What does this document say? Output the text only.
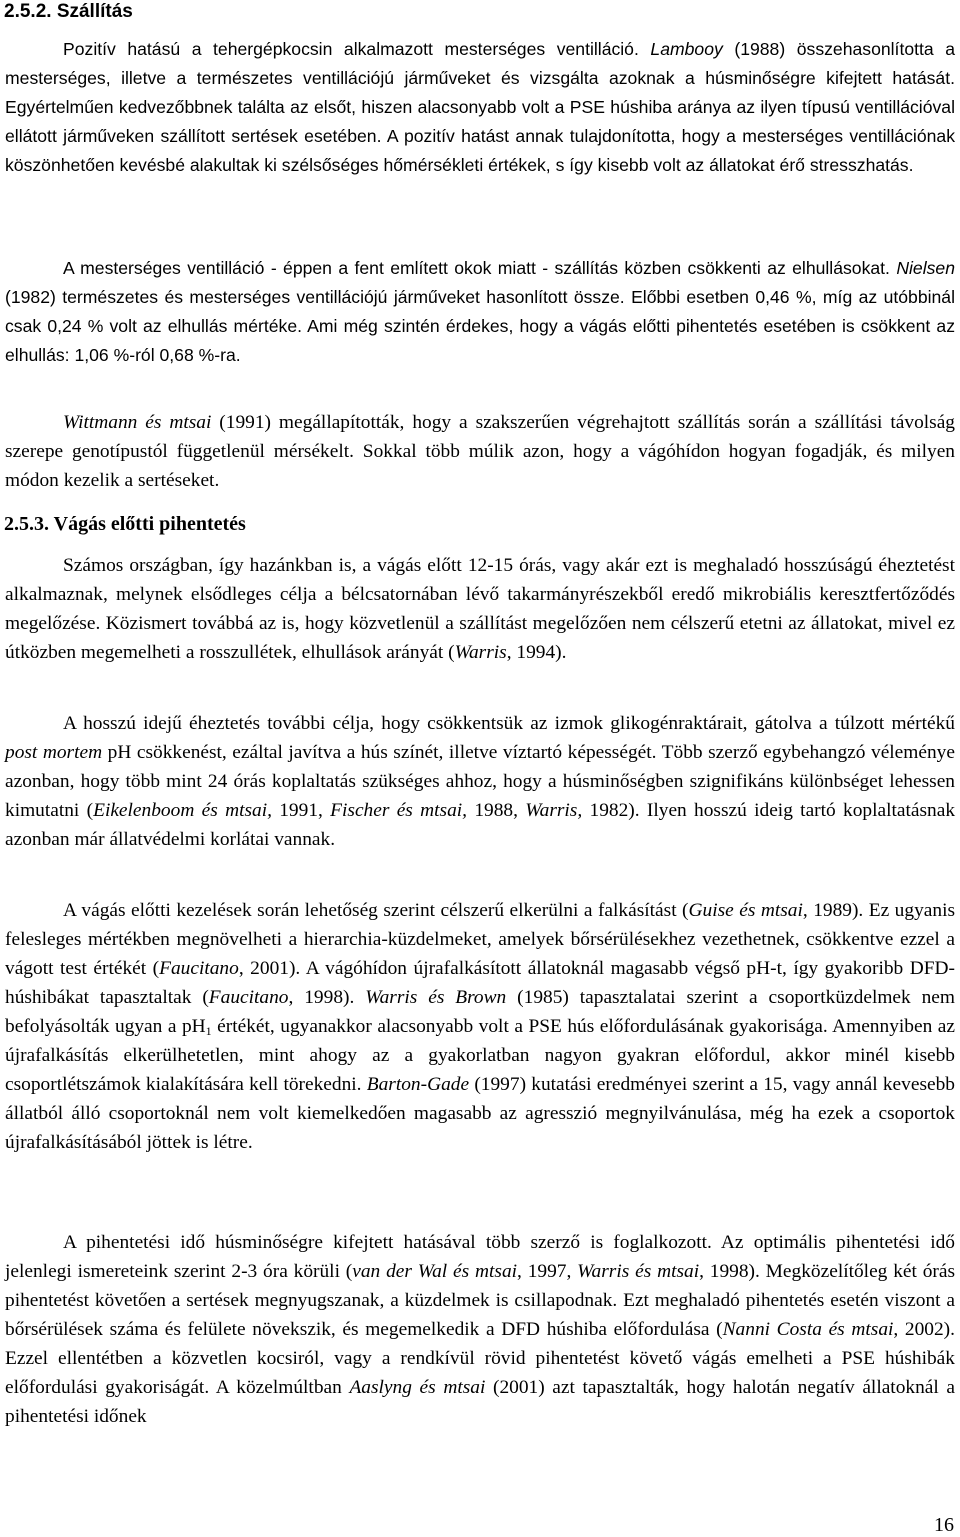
2.5.2. Szállítás

Pozitív hatású a tehergépkocsin alkalmazott mesterséges ventilláció. Lambooy (1988) összehasonlította a mesterséges, illetve a természetes ventillációjú járműveket és vizsgálta azoknak a húsminőségre kifejtett hatását. Egyértelműen kedvezőbbnek találta az elsőt, hiszen alacsonyabb volt a PSE húshiba aránya az ilyen típusú ventillációval ellátott járműveken szállított sertések esetében. A pozitív hatást annak tulajdonította, hogy a mesterséges ventillációnak köszönhetően kevésbé alakultak ki szélsőséges hőmérsékleti értékek, s így kisebb volt az állatokat érő stresszhatás.

A mesterséges ventilláció - éppen a fent említett okok miatt - szállítás közben csökkenti az elhullásokat. Nielsen (1982) természetes és mesterséges ventillációjú járműveket hasonlított össze. Előbbi esetben 0,46 %, míg az utóbbinál csak 0,24 % volt az elhullás mértéke. Ami még szintén érdekes, hogy a vágás előtti pihentetés esetében is csökkent az elhullás: 1,06 %-ról 0,68 %-ra.

Wittmann és mtsai (1991) megállapították, hogy a szakszerűen végrehajtott szállítás során a szállítási távolság szerepe genotípustól függetlenül mérsékelt. Sokkal több múlik azon, hogy a vágóhídon hogyan fogadják, és milyen módon kezelik a sertéseket.

2.5.3. Vágás előtti pihentetés

Számos országban, így hazánkban is, a vágás előtt 12-15 órás, vagy akár ezt is meghaladó hosszúságú éheztetést alkalmaznak, melynek elsődleges célja a bélcsatornában lévő takarmányrészekből eredő mikrobiális keresztfertőződés megelőzése. Közismert továbbá az is, hogy közvetlenül a szállítást megelőzően nem célszerű etetni az állatokat, mivel ez útközben megemelheti a rosszullétek, elhullások arányát (Warris, 1994).

A hosszú idejű éheztetés további célja, hogy csökkentsük az izmok glikogénraktárait, gátolva a túlzott mértékű post mortem pH csökkenést, ezáltal javítva a hús színét, illetve víztartó képességét. Több szerző egybehangzó véleménye azonban, hogy több mint 24 órás koplaltatás szükséges ahhoz, hogy a húsminőségben szignifikáns különbséget lehessen kimutatni (Eikelenboom és mtsai, 1991, Fischer és mtsai, 1988, Warris, 1982). Ilyen hosszú ideig tartó koplaltatásnak azonban már állatvédelmi korlátai vannak.

A vágás előtti kezelések során lehetőség szerint célszerű elkerülni a falkásítást (Guise és mtsai, 1989). Ez ugyanis felesleges mértékben megnövelheti a hierarchia-küzdelmeket, amelyek bőrsérülésekhez vezethetnek, csökkentve ezzel a vágott test értékét (Faucitano, 2001). A vágóhídon újrafalkásított állatoknál magasabb végső pH-t, így gyakoribb DFD-húshibákat tapasztaltak (Faucitano, 1998). Warris és Brown (1985) tapasztalatai szerint a csoportküzdelmek nem befolyásolták ugyan a $pH_1$ értékét, ugyanakkor alacsonyabb volt a PSE hús előfordulásának gyakorisága. Amennyiben az újrafalkásítás elkerülhetetlen, mint ahogy az a gyakorlatban nagyon gyakran előfordul, akkor minél kisebb csoportlétszámok kialakítására kell törekedni. Barton-Gade (1997) kutatási eredményei szerint a 15, vagy annál kevesebb állatból álló csoportoknál nem volt kiemelkedően magasabb az agresszió megnyilvánulása, még ha ezek a csoportok újrafalkásításából jöttek is létre.

A pihentetési idő húsminőségre kifejtett hatásával több szerző is foglalkozott. Az optimális pihentetési idő jelenlegi ismereteink szerint 2-3 óra körüli (van der Wal és mtsai, 1997, Warris és mtsai, 1998). Megközelítőleg két órás pihentetést követően a sertések megnyugszanak, a küzdelmek is csillapodnak. Ezt meghaladó pihentetés esetén viszont a bőrsérülések száma és felülete növekszik, és megemelkedik a DFD húshiba előfordulása (Nanni Costa és mtsai, 2002). Ezzel ellentétben a közvetlen kocsiról, vagy a rendkívül rövid pihentetést követő vágás emelheti a PSE húshibák előfordulási gyakoriságát. A közelmúltban Aaslyng és mtsai (2001) azt tapasztalták, hogy halotán negatív állatoknál a pihentetési időnek

16
